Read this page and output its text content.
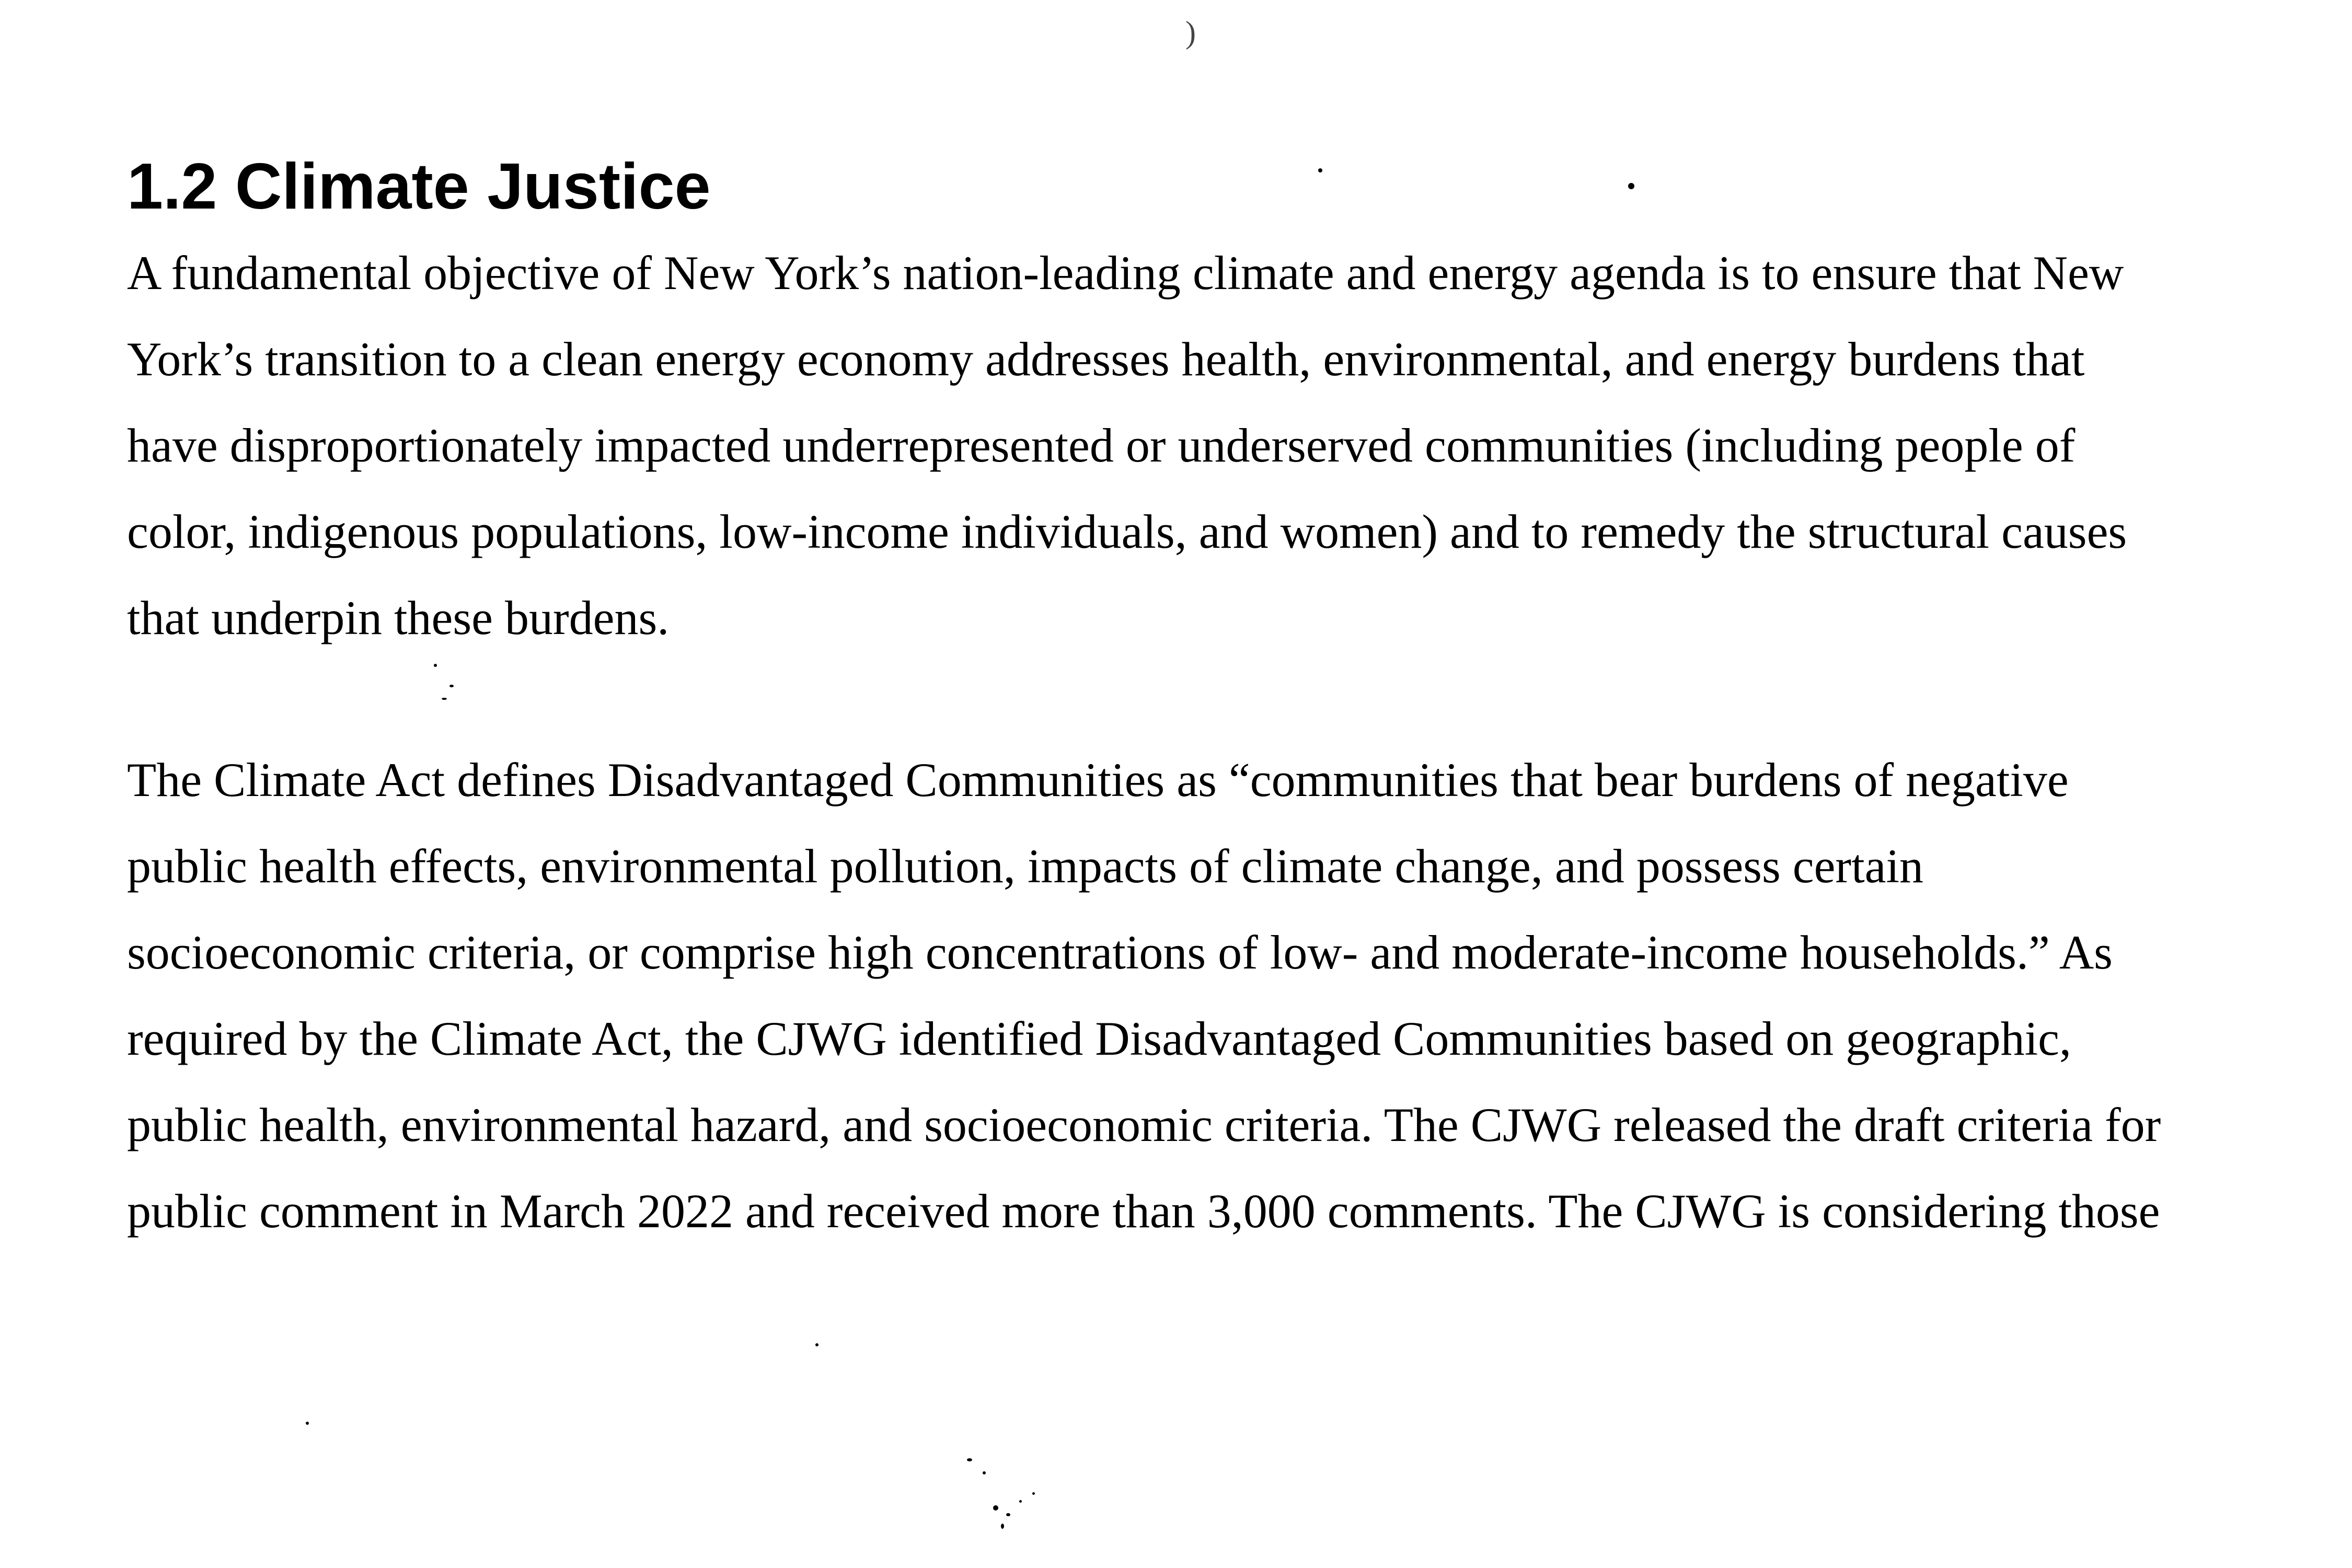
)
1.2 Climate Justice

A fundamental objective of New York’s nation-leading climate and energy agenda is to ensure that New
York’s transition to a clean energy economy addresses health, environmental, and energy burdens that
have disproportionately impacted underrepresented or underserved communities (including people of
color, indigenous populations, low-income individuals, and women) and to remedy the structural causes
that underpin these burdens.

The Climate Act defines Disadvantaged Communities as “communities that bear burdens of negative
public health effects, environmental pollution, impacts of climate change, and possess certain
socioeconomic criteria, or comprise high concentrations of low- and moderate-income households.” As
required by the Climate Act, the CJWG identified Disadvantaged Communities based on geographic,
public health, environmental hazard, and socioeconomic criteria. The CJWG released the draft criteria for
public comment in March 2022 and received more than 3,000 comments. The CJWG is considering those
